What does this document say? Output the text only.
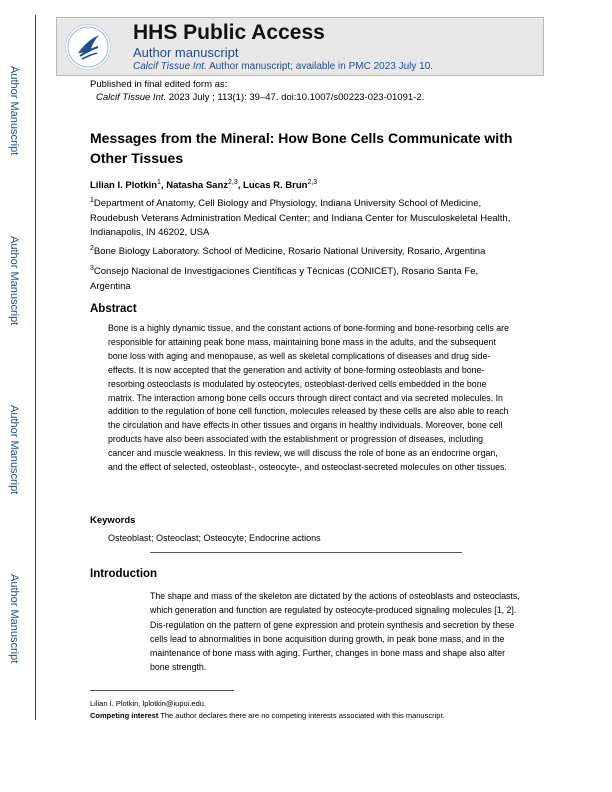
Author Manuscript
Author Manuscript
Author Manuscript
Author Manuscript
HHS Public Access
Author manuscript
Calcif Tissue Int. Author manuscript; available in PMC 2023 July 10.
Published in final edited form as:
Calcif Tissue Int. 2023 July ; 113(1): 39–47. doi:10.1007/s00223-023-01091-2.
Messages from the Mineral: How Bone Cells Communicate with Other Tissues
Lilian I. Plotkin$^1$, Natasha Sanz$^{2,3}$, Lucas R. Brun$^{2,3}$
$^1$Department of Anatomy, Cell Biology and Physiology, Indiana University School of Medicine, Roudebush Veterans Administration Medical Center; and Indiana Center for Musculoskeletal Health, Indianapolis, IN 46202, USA
$^2$Bone Biology Laboratory. School of Medicine, Rosario National University, Rosario, Argentina
$^3$Consejo Nacional de Investigaciones Científicas y Técnicas (CONICET), Rosario Santa Fe, Argentina
Abstract
Bone is a highly dynamic tissue, and the constant actions of bone-forming and bone-resorbing cells are responsible for attaining peak bone mass, maintaining bone mass in the adults, and the subsequent bone loss with aging and menopause, as well as skeletal complications of diseases and drug side-effects. It is now accepted that the generation and activity of bone-forming osteoblasts and bone-resorbing osteoclasts is modulated by osteocytes, osteoblast-derived cells embedded in the bone matrix. The interaction among bone cells occurs through direct contact and via secreted molecules. In addition to the regulation of bone cell function, molecules released by these cells are also able to reach the circulation and have effects in other tissues and organs in healthy individuals. Moreover, bone cell products have also been associated with the establishment or progression of diseases, including cancer and muscle weakness. In this review, we will discuss the role of bone as an endocrine organ, and the effect of selected, osteoblast-, osteocyte-, and osteoclast-secreted molecules on other tissues.
Keywords
Osteoblast; Osteoclast; Osteocyte; Endocrine actions
Introduction
The shape and mass of the skeleton are dictated by the actions of osteoblasts and osteoclasts, which generation and function are regulated by osteocyte-produced signaling molecules [1, 2]. Dis-regulation on the pattern of gene expression and protein synthesis and secretion by these cells lead to abnormalities in bone acquisition during growth, in peak bone mass, and in the maintenance of bone mass with aging. Further, changes in bone mass and shape also alter bone strength.
Lilian I. Plotkin, lplotkin@iupui.edu.
Competing interest The author declares there are no competing interests associated with this manuscript.
